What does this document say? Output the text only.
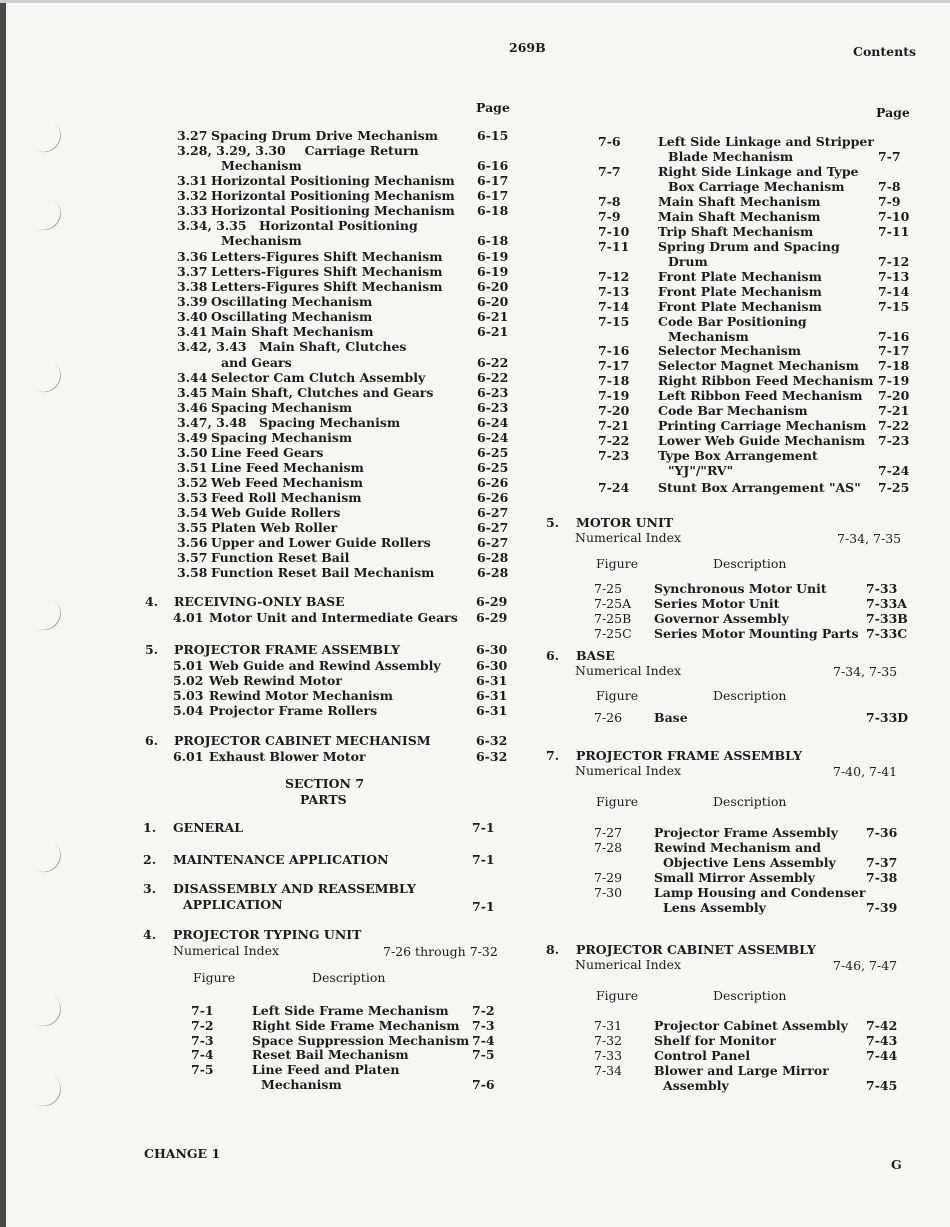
269B	Contents
Page	Page
3.27 Spacing Drum Drive Mechanism	6-15
3.28, 3.29, 3.30 Carriage Return
Mechanism	6-16
3.31 Horizontal Positioning Mechanism 6-17
3.32 Horizontal Positioning Mechanism 6-17
3.33 Horizontal Positioning Mechanism 6-18
3.34, 3.35 Horizontal Positioning
Mechanism	6-18
3.36 Letters-Figures Shift Mechanism	6-19
3.37 Letters-Figures Shift Mechanism	6-19
3.38 Letters-Figures Shift Mechanism	6-20
3.39 Oscillating Mechanism	6-20
3.40 Oscillating Mechanism	6-21
3.41 Main Shaft Mechanism	6-21
3.42, 3.43 Main Shaft, Clutches
and Gears	6-22
3.44 Selector Cam Clutch Assembly	6-22
3.45 Main Shaft, Clutches and Gears	6-23
3.46 Spacing Mechanism	6-23
3.47, 3.48 Spacing Mechanism	6-24
3.49 Spacing Mechanism	6-24
3.50 Line Feed Gears	6-25
3.51 Line Feed Mechanism	6-25
3.52 Web Feed Mechanism	6-26
3.53 Feed Roll Mechanism	6-26
3.54 Web Guide Rollers	6-27
3.55 Platen Web Roller	6-27
3.56 Upper and Lower Guide Rollers	6-27
3.57 Function Reset Bail	6-28
3.58 Function Reset Bail Mechanism	6-28
4. RECEIVING-ONLY BASE	6-29
4.01 Motor Unit and Intermediate Gears 6-29
5. PROJECTOR FRAME ASSEMBLY	6-30
5.01 Web Guide and Rewind Assembly	6-30
5.02 Web Rewind Motor	6-31
5.03 Rewind Motor Mechanism	6-31
5.04 Projector Frame Rollers	6-31
6. PROJECTOR CABINET MECHANISM	6-32
6.01 Exhaust Blower Motor	6-32
SECTION 7
PARTS
1. GENERAL	7-1
2. MAINTENANCE APPLICATION	7-1
3. DISASSEMBLY AND REASSEMBLY
APPLICATION	7-1
4. PROJECTOR TYPING UNIT
Numerical Index	7-26 through 7-32
Figure	Description
7-1	Left Side Frame Mechanism 7-2
7-2	Right Side Frame Mechanism 7-3
7-3	Space Suppression Mechanism 7-4
7-4	Reset Bail Mechanism	7-5
7-5	Line Feed and Platen
Mechanism	7-6
7-6	Left Side Linkage and Stripper
Blade Mechanism	7-7
7-7	Right Side Linkage and Type
Box Carriage Mechanism	7-8
7-8	Main Shaft Mechanism	7-9
7-9	Main Shaft Mechanism	7-10
7-10 Trip Shaft Mechanism	7-11
7-11 Spring Drum and Spacing
Drum	7-12
7-12 Front Plate Mechanism	7-13
7-13 Front Plate Mechanism	7-14
7-14 Front Plate Mechanism	7-15
7-15 Code Bar Positioning
Mechanism	7-16
7-16 Selector Mechanism	7-17
7-17 Selector Magnet Mechanism 7-18
7-18 Right Ribbon Feed Mechanism 7-19
7-19 Left Ribbon Feed Mechanism 7-20
7-20 Code Bar Mechanism	7-21
7-21 Printing Carriage Mechanism 7-22
7-22 Lower Web Guide Mechanism 7-23
7-23 Type Box Arrangement
"YJ"/"RV"	7-24
7-24 Stunt Box Arrangement "AS" 7-25
5. MOTOR UNIT
Numerical Index	7-34, 7-35
Figure	Description
7-25	Synchronous Motor Unit	7-33
7-25A Series Motor Unit	7-33A
7-25B Governor Assembly	7-33B
7-25C Series Motor Mounting Parts 7-33C
6. BASE
Numerical Index	7-34, 7-35
Figure	Description
7-26	Base	7-33D
7. PROJECTOR FRAME ASSEMBLY
Numerical Index	7-40, 7-41
Figure	Description
7-27	Projector Frame Assembly 7-36
7-28	Rewind Mechanism and
Objective Lens Assembly 7-37
7-29	Small Mirror Assembly	7-38
7-30	Lamp Housing and Condenser
Lens Assembly	7-39
8. PROJECTOR CABINET ASSEMBLY
Numerical Index	7-46, 7-47
Figure	Description
7-31	Projector Cabinet Assembly 7-42
7-32	Shelf for Monitor	7-43
7-33	Control Panel	7-44
7-34	Blower and Large Mirror
Assembly	7-45
CHANGE 1
G
